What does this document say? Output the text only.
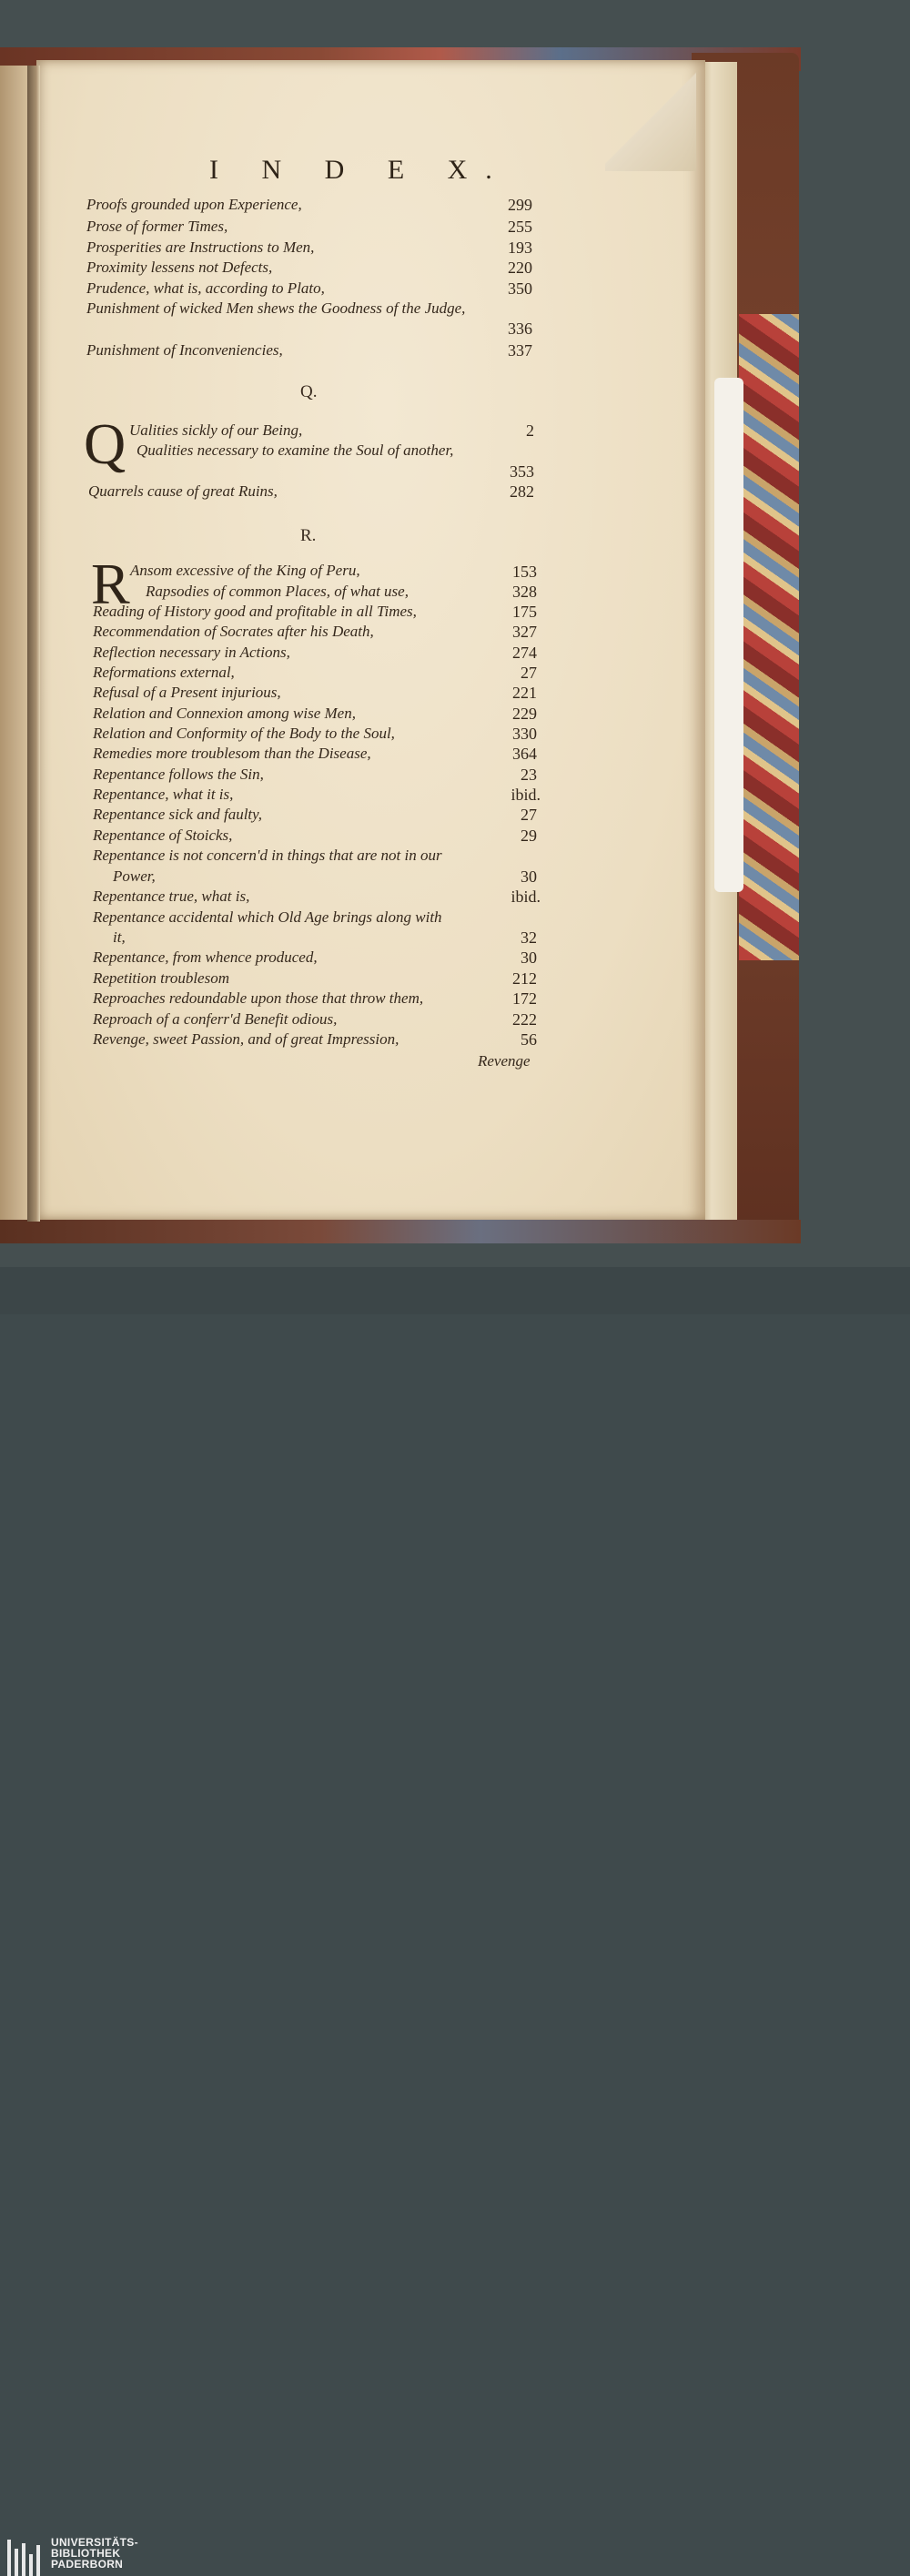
I N D E X.
Proofs grounded upon Experience,	299
Prose of former Times,	255
Prosperities are Instructions to Men,	193
Proximity lessens not Defects,	220
Prudence, what is, according to Plato,	350
Punishment of wicked Men shews the Goodness of the Judge,
336
Punishment of Inconveniencies,	337
Q.
Q Ualities sickly of our Being,	2
Qualities necessary to examine the Soul of another,
353
Quarrels cause of great Ruins,	282
R.
R Ansom excessive of the King of Peru,	153
Rapsodies of common Places, of what use,	328
Reading of History good and profitable in all Times,	175
Recommendation of Socrates after his Death,	327
Reflection necessary in Actions,	274
Reformations external,	27
Refusal of a Present injurious,	221
Relation and Connexion among wise Men,	229
Relation and Conformity of the Body to the Soul,	330
Remedies more troublesom than the Disease,	364
Repentance follows the Sin,	23
Repentance, what it is,	ibid.
Repentance sick and faulty,	27
Repentance of Stoicks,	29
Repentance is not concern'd in things that are not in our
Power,	30
Repentance true, what is,	ibid.
Repentance accidental which Old Age brings along with
it,	32
Repentance, from whence produced,	30
Repetition troublesom	212
Reproaches redoundable upon those that throw them,	172
Reproach of a conferr'd Benefit odious,	222
Revenge, sweet Passion, and of great Impression,	56
Revenge
UNIVERSITÄTS-
BIBLIOTHEK
PADERBORN
